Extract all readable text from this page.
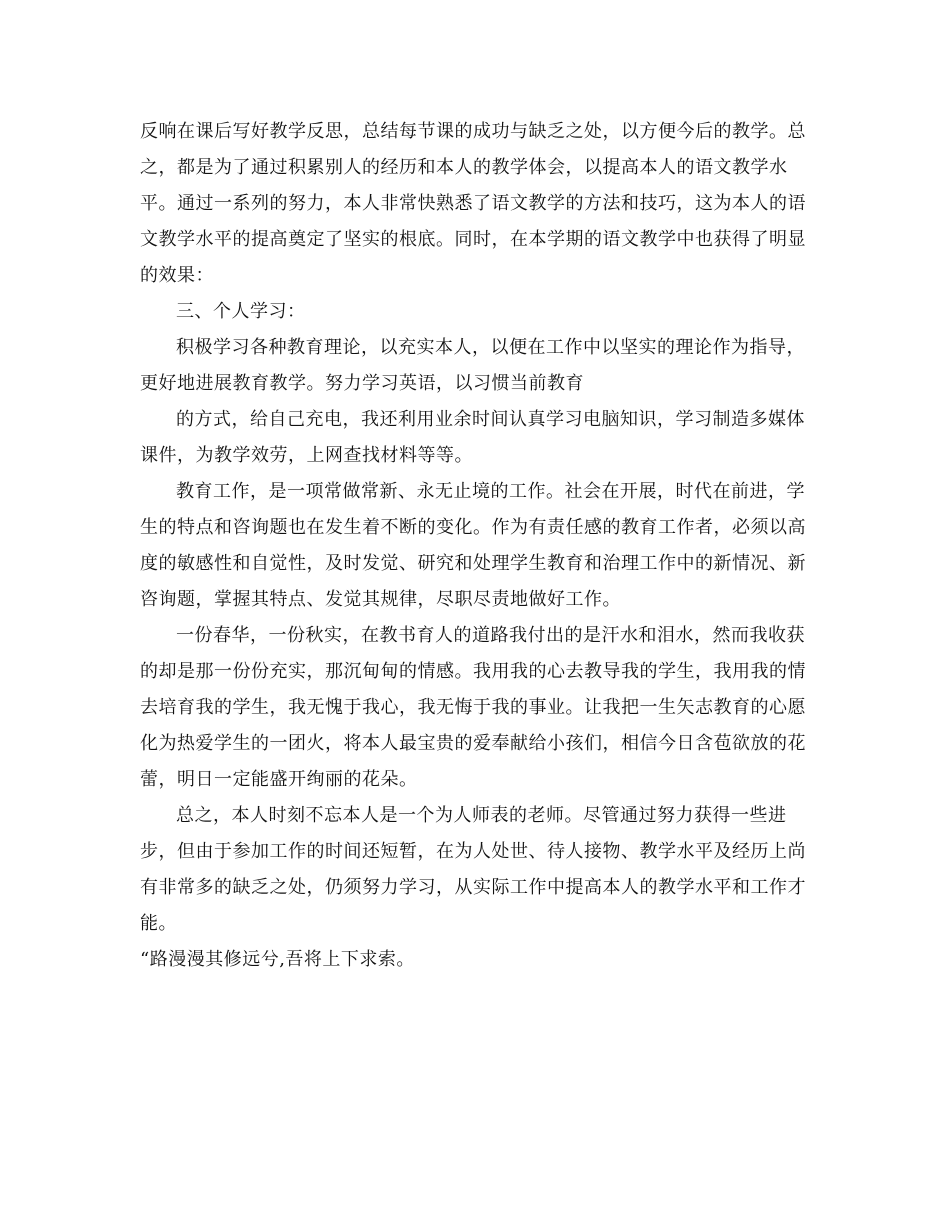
反响在课后写好教学反思，总结每节课的成功与缺乏之处，以方便今后的教学。总之，都是为了通过积累别人的经历和本人的教学体会，以提高本人的语文教学水平。通过一系列的努力，本人非常快熟悉了语文教学的方法和技巧，这为本人的语文教学水平的提高奠定了坚实的根底。同时，在本学期的语文教学中也获得了明显的效果：

三、个人学习：

积极学习各种教育理论，以充实本人，以便在工作中以坚实的理论作为指导，更好地进展教育教学。努力学习英语，以习惯当前教育

的方式，给自己充电，我还利用业余时间认真学习电脑知识，学习制造多媒体课件，为教学效劳，上网查找材料等等。

教育工作，是一项常做常新、永无止境的工作。社会在开展，时代在前进，学生的特点和咨询题也在发生着不断的变化。作为有责任感的教育工作者，必须以高度的敏感性和自觉性，及时发觉、研究和处理学生教育和治理工作中的新情况、新咨询题，掌握其特点、发觉其规律，尽职尽责地做好工作。

一份春华，一份秋实，在教书育人的道路我付出的是汗水和泪水，然而我收获的却是那一份份充实，那沉甸甸的情感。我用我的心去教导我的学生，我用我的情去培育我的学生，我无愧于我心，我无悔于我的事业。让我把一生矢志教育的心愿化为热爱学生的一团火，将本人最宝贵的爱奉献给小孩们，相信今日含苞欲放的花蕾，明日一定能盛开绚丽的花朵。

总之，本人时刻不忘本人是一个为人师表的老师。尽管通过努力获得一些进步，但由于参加工作的时间还短暂，在为人处世、待人接物、教学水平及经历上尚有非常多的缺乏之处，仍须努力学习，从实际工作中提高本人的教学水平和工作才能。

“路漫漫其修远兮,吾将上下求索。
